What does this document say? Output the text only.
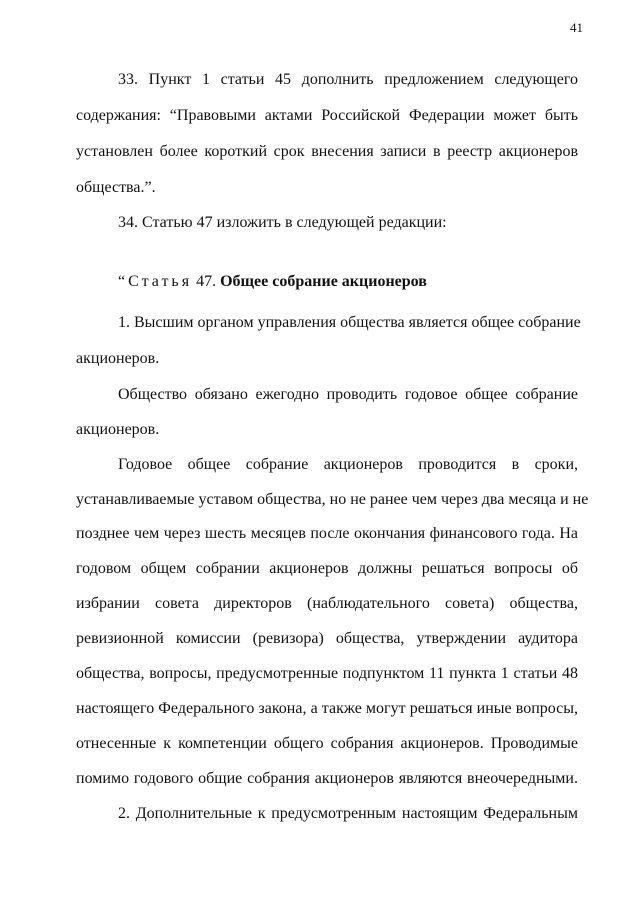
41
33. Пункт 1 статьи 45 дополнить предложением следующего
содержания: “Правовыми актами Российской Федерации может быть
установлен более короткий срок внесения записи в реестр акционеров
общества.”.
34. Статью 47 изложить в следующей редакции:
“Статья 47. Общее собрание акционеров
1. Высшим органом управления общества является общее собрание
акционеров.
Общество обязано ежегодно проводить годовое общее собрание
акционеров.
Годовое общее собрание акционеров проводится в сроки,
устанавливаемые уставом общества, но не ранее чем через два месяца и не
позднее чем через шесть месяцев после окончания финансового года. На
годовом общем собрании акционеров должны решаться вопросы об
избрании совета директоров (наблюдательного совета) общества,
ревизионной комиссии (ревизора) общества, утверждении аудитора
общества, вопросы, предусмотренные подпунктом 11 пункта 1 статьи 48
настоящего Федерального закона, а также могут решаться иные вопросы,
отнесенные к компетенции общего собрания акционеров. Проводимые
помимо годового общие собрания акционеров являются внеочередными.
2. Дополнительные к предусмотренным настоящим Федеральным
